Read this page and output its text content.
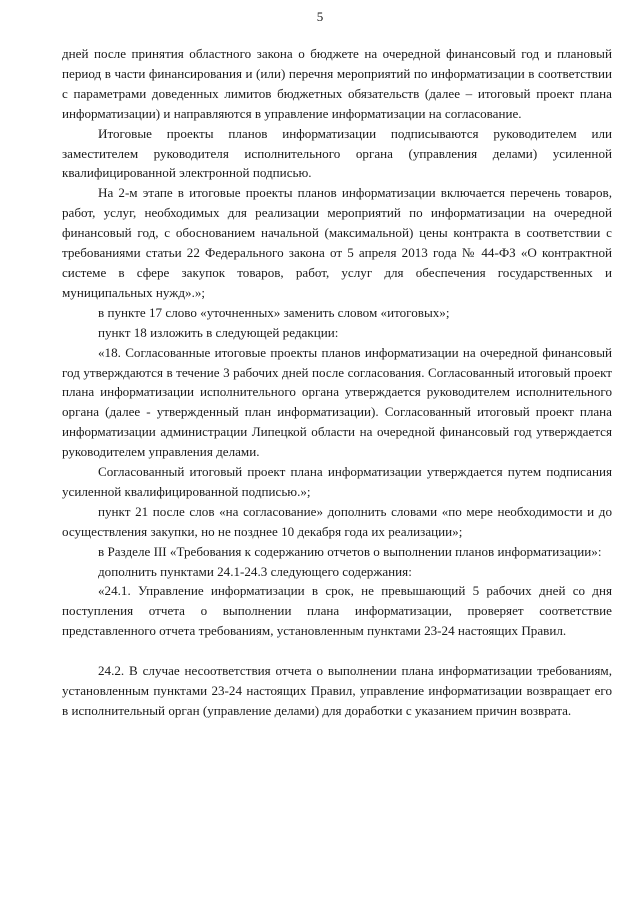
5

дней после принятия областного закона о бюджете на очередной финансовый год и плановый период в части финансирования и (или) перечня мероприятий по информатизации в соответствии с параметрами доведенных лимитов бюджетных обязательств (далее – итоговый проект плана информатизации) и направляются в управление информатизации на согласование.

Итоговые проекты планов информатизации подписываются руководителем или заместителем руководителя исполнительного органа (управления делами) усиленной квалифицированной электронной подписью.

На 2-м этапе в итоговые проекты планов информатизации включается перечень товаров, работ, услуг, необходимых для реализации мероприятий по информатизации на очередной финансовый год, с обоснованием начальной (максимальной) цены контракта в соответствии с требованиями статьи 22 Федерального закона от 5 апреля 2013 года № 44-ФЗ «О контрактной системе в сфере закупок товаров, работ, услуг для обеспечения государственных и муниципальных нужд».»;

в пункте 17 слово «уточненных» заменить словом «итоговых»;

пункт 18 изложить в следующей редакции:

«18. Согласованные итоговые проекты планов информатизации на очередной финансовый год утверждаются в течение 3 рабочих дней после согласования. Согласованный итоговый проект плана информатизации исполнительного органа утверждается руководителем исполнительного органа (далее - утвержденный план информатизации). Согласованный итоговый проект плана информатизации администрации Липецкой области на очередной финансовый год утверждается руководителем управления делами.

Согласованный итоговый проект плана информатизации утверждается путем подписания усиленной квалифицированной подписью.»;

пункт 21 после слов «на согласование» дополнить словами «по мере необходимости и до осуществления закупки, но не позднее 10 декабря года их реализации»;

в Разделе III «Требования к содержанию отчетов о выполнении планов информатизации»:

дополнить пунктами 24.1-24.3 следующего содержания:

«24.1. Управление информатизации в срок, не превышающий 5 рабочих дней со дня поступления отчета о выполнении плана информатизации, проверяет соответствие представленного отчета требованиям, установленным пунктами 23-24 настоящих Правил.

24.2. В случае несоответствия отчета о выполнении плана информатизации требованиям, установленным пунктами 23-24 настоящих Правил, управление информатизации возвращает его в исполнительный орган (управление делами) для доработки с указанием причин возврата.
